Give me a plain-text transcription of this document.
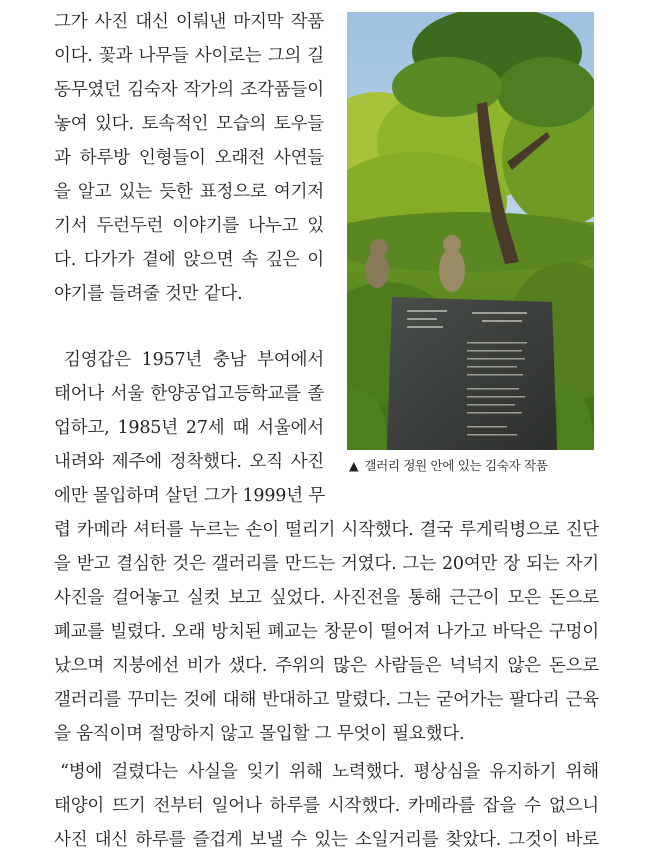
그가 사진 대신 이뤄낸 마지막 작품
이다. 꽃과 나무들 사이로는 그의 길
동무였던 김숙자 작가의 조각품들이
놓여 있다. 토속적인 모습의 토우들
과 하루방 인형들이 오래전 사연들
을 알고 있는 듯한 표정으로 여기저
기서 두런두런 이야기를 나누고 있
다. 다가가 곁에 앉으면 속 깊은 이
야기를 들려줄 것만 같다.
김영갑은 1957년 충남 부여에서
태어나 서울 한양공업고등학교를 졸
업하고, 1985년 27세 때 서울에서
내려와 제주에 정착했다. 오직 사진
에만 몰입하며 살던 그가 1999년 무
렵 카메라 셔터를 누르는 손이 떨리기 시작했다. 결국 루게릭병으로 진단
을 받고 결심한 것은 갤러리를 만드는 거였다. 그는 20여만 장 되는 자기
사진을 걸어놓고 실컷 보고 싶었다. 사진전을 통해 근근이 모은 돈으로
폐교를 빌렸다. 오래 방치된 폐교는 창문이 떨어져 나가고 바닥은 구멍이
났으며 지붕에선 비가 샜다. 주위의 많은 사람들은 넉넉지 않은 돈으로
갤러리를 꾸미는 것에 대해 반대하고 말렸다. 그는 굳어가는 팔다리 근육
을 움직이며 절망하지 않고 몰입할 그 무엇이 필요했다.
“병에 걸렸다는 사실을 잊기 위해 노력했다. 평상심을 유지하기 위해
태양이 뜨기 전부터 일어나 하루를 시작했다. 카메라를 잡을 수 없으니
사진 대신 하루를 즐겁게 보낼 수 있는 소일거리를 찾았다. 그것이 바로
▲ 갤러리 정원 안에 있는 김숙자 작품
